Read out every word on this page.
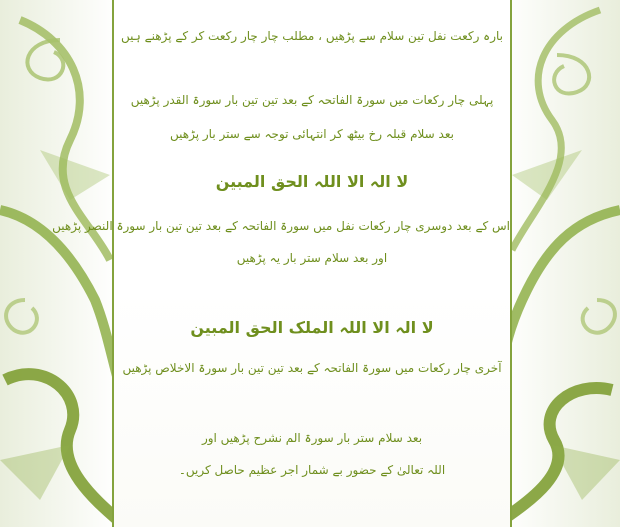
بارہ رکعت نفل تین سلام سے پڑھیں ، مطلب چار چار رکعت کر کے پڑھنے ہیں
پہلی چار رکعات میں سورۃ الفاتحہ کے بعد تین تین بار سورۃ القدر پڑھیں
بعد سلام قبلہ رخ بیٹھ کر انتہائی توجہ سے ستر بار پڑھیں
لا الہ الا اللہ الحق المبین
اس کے بعد دوسری چار رکعات نفل میں سورۃ الفاتحہ کے بعد تین تین بار سورۃ النصر پڑھیں
اور بعد سلام ستر بار یہ پڑھیں
لا الہ الا اللہ الملک الحق المبین
آخری چار رکعات میں سورۃ الفاتحہ کے بعد تین تین بار سورۃ الاخلاص پڑھیں
بعد سلام ستر بار سورۃ الم نشرح پڑھیں اور
اللہ تعالیٰ کے حضور بے شمار اجر عظیم حاصل کریں۔
